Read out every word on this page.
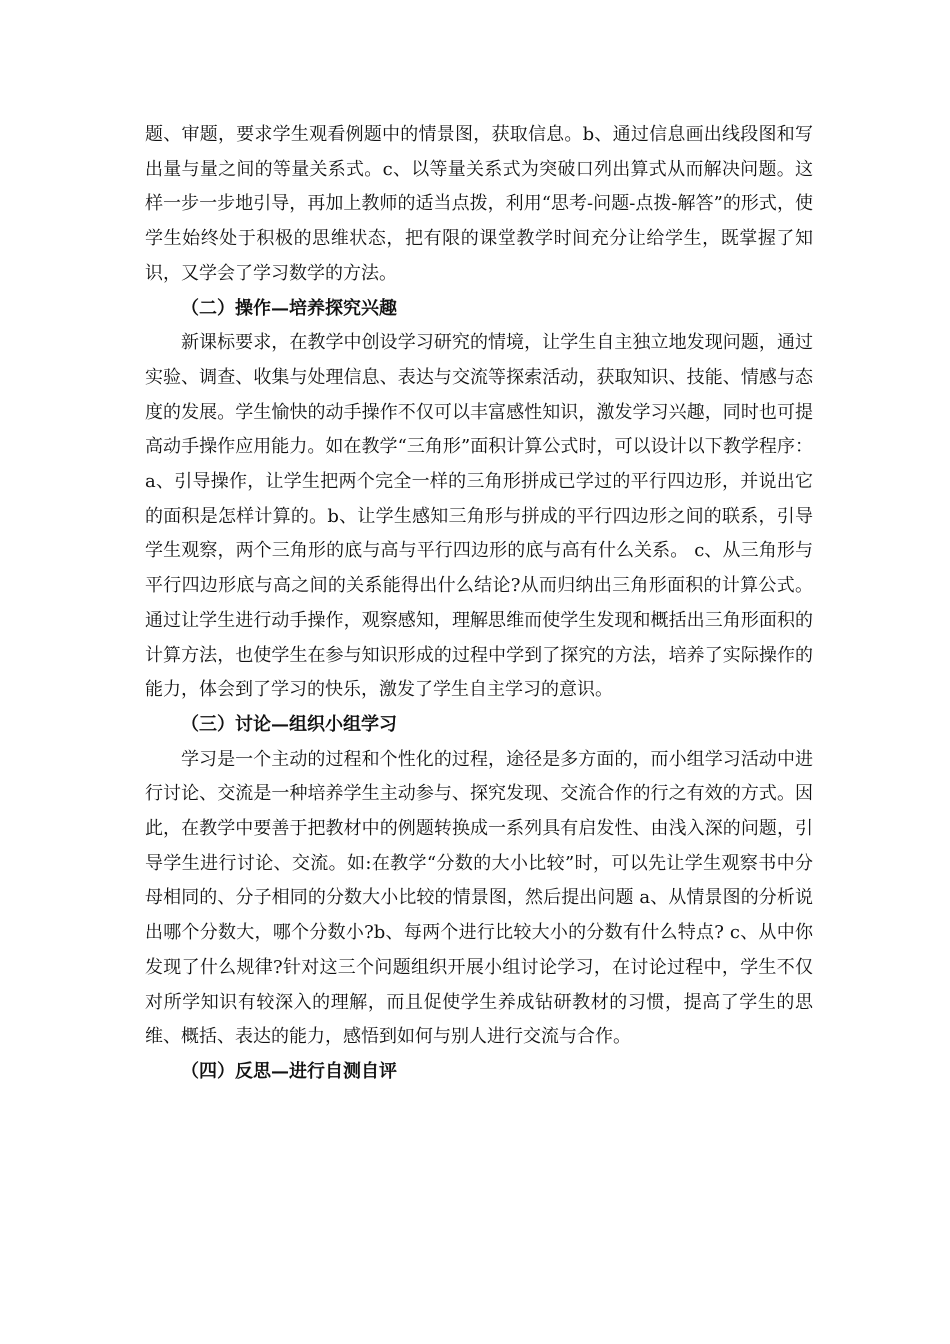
题、审题，要求学生观看例题中的情景图，获取信息。b、通过信息画出线段图和写出量与量之间的等量关系式。c、以等量关系式为突破口列出算式从而解决问题。这样一步一步地引导，再加上教师的适当点拨，利用“思考-问题-点拨-解答”的形式，使学生始终处于积极的思维状态，把有限的课堂教学时间充分让给学生，既掌握了知识，又学会了学习数学的方法。

（二）操作—培养探究兴趣

新课标要求，在教学中创设学习研究的情境，让学生自主独立地发现问题，通过实验、调查、收集与处理信息、表达与交流等探索活动，获取知识、技能、情感与态度的发展。学生愉快的动手操作不仅可以丰富感性知识，激发学习兴趣，同时也可提高动手操作应用能力。如在教学“三角形”面积计算公式时，可以设计以下教学程序：a、引导操作，让学生把两个完全一样的三角形拼成已学过的平行四边形，并说出它的面积是怎样计算的。b、让学生感知三角形与拼成的平行四边形之间的联系，引导学生观察，两个三角形的底与高与平行四边形的底与高有什么关系。 c、从三角形与平行四边形底与高之间的关系能得出什么结论?从而归纳出三角形面积的计算公式。通过让学生进行动手操作，观察感知，理解思维而使学生发现和概括出三角形面积的计算方法，也使学生在参与知识形成的过程中学到了探究的方法，培养了实际操作的能力，体会到了学习的快乐，激发了学生自主学习的意识。

（三）讨论—组织小组学习

学习是一个主动的过程和个性化的过程，途径是多方面的，而小组学习活动中进行讨论、交流是一种培养学生主动参与、探究发现、交流合作的行之有效的方式。因此，在教学中要善于把教材中的例题转换成一系列具有启发性、由浅入深的问题，引导学生进行讨论、交流。如:在教学“分数的大小比较”时，可以先让学生观察书中分母相同的、分子相同的分数大小比较的情景图，然后提出问题 a、从情景图的分析说出哪个分数大，哪个分数小?b、每两个进行比较大小的分数有什么特点? c、从中你发现了什么规律?针对这三个问题组织开展小组讨论学习，在讨论过程中，学生不仅对所学知识有较深入的理解，而且促使学生养成钻研教材的习惯，提高了学生的思维、概括、表达的能力，感悟到如何与别人进行交流与合作。

（四）反思—进行自测自评
